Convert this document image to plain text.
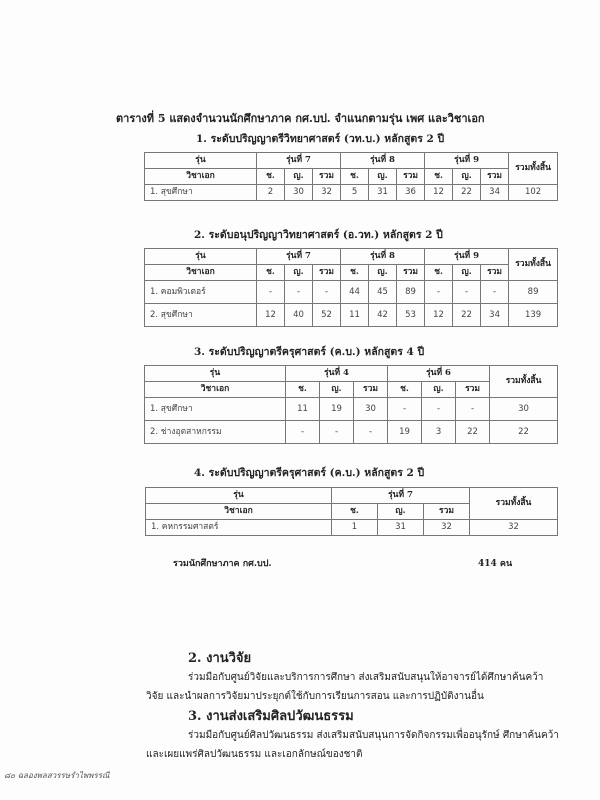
ตารางที่ 5 แสดงจำนวนนักศึกษาภาค กศ.บป. จำแนกตามรุ่น เพศ และวิชาเอก
1. ระดับปริญญาตรีวิทยาศาสตร์ (วท.บ.) หลักสูตร 2 ปี
รุ่น	รุ่นที่ 7			รุ่นที่ 8			รุ่นที่ 9			รวมทั้งสิ้น
วิชาเอก	ช.	ญ.	รวม	ช.	ญ.	รวม	ช.	ญ.	รวม	
1. สุขศึกษา	2	30	32	5	31	36	12	22	34	102
2. ระดับอนุปริญญาวิทยาศาสตร์ (อ.วท.) หลักสูตร 2 ปี
รุ่น	รุ่นที่ 7			รุ่นที่ 8			รุ่นที่ 9			รวมทั้งสิ้น
วิชาเอก	ช.	ญ.	รวม	ช.	ญ.	รวม	ช.	ญ.	รวม	
1. คอมพิวเตอร์	-	-	-	44	45	89	-	-	-	89
2. สุขศึกษา	12	40	52	11	42	53	12	22	34	139
3. ระดับปริญญาตรีครุศาสตร์ (ค.บ.) หลักสูตร 4 ปี
รุ่น	รุ่นที่ 4			รุ่นที่ 6			รวมทั้งสิ้น
วิชาเอก	ช.	ญ.	รวม	ช.	ญ.	รวม	
1. สุขศึกษา	11	19	30	-	-	-	30
2. ช่างอุตสาหกรรม	-	-	-	19	3	22	22
4. ระดับปริญญาตรีครุศาสตร์ (ค.บ.) หลักสูตร 2 ปี
รุ่น	รุ่นที่ 7			รวมทั้งสิ้น
วิชาเอก	ช.	ญ.	รวม	
1. คหกรรมศาสตร์	1	31	32	32
รวมนักศึกษาภาค กศ.บป.	414 คน
2. งานวิจัย
ร่วมมือกับศูนย์วิจัยและบริการการศึกษา ส่งเสริมสนับสนุนให้อาจารย์ได้ศึกษาค้นคว้า
วิจัย และนำผลการวิจัยมาประยุกต์ใช้กับการเรียนการสอน และการปฏิบัติงานอื่น
3. งานส่งเสริมศิลปวัฒนธรรม
ร่วมมือกับศูนย์ศิลปวัฒนธรรม ส่งเสริมสนับสนุนการจัดกิจกรรมเพื่ออนุรักษ์ ศึกษาค้นคว้า
และเผยแพร่ศิลปวัฒนธรรม และเอกลักษณ์ของชาติ
๘๐ ฉลองพลสวรรษรำไพพรรณี
